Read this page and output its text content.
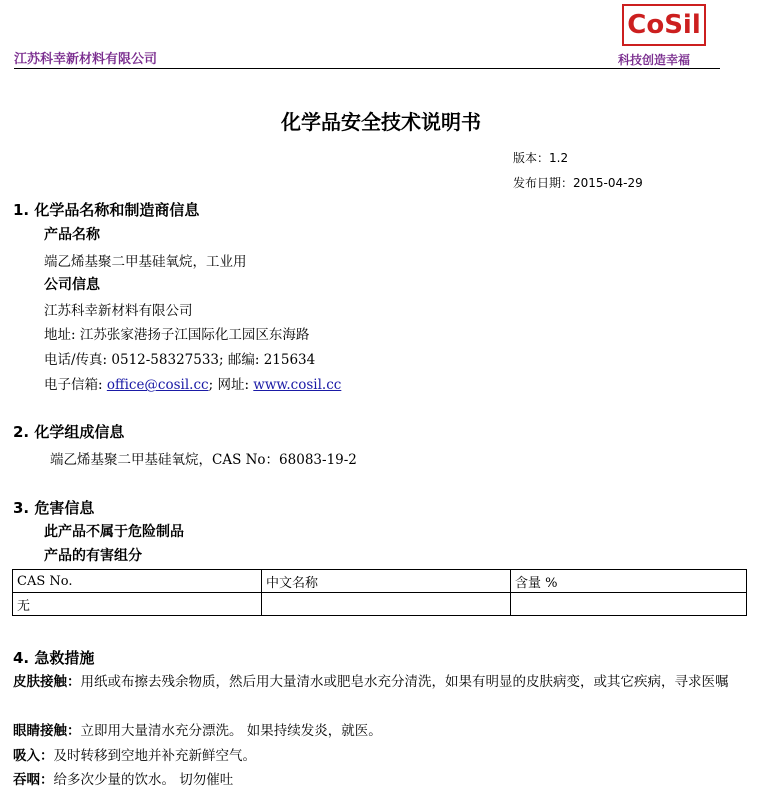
江苏科幸新材料有限公司
CoSil
科技创造幸福
化学品安全技术说明书
版本：1.2
发布日期：2015-04-29
1. 化学品名称和制造商信息
产品名称
端乙烯基聚二甲基硅氧烷，工业用
公司信息
江苏科幸新材料有限公司
地址: 江苏张家港扬子江国际化工园区东海路
电话/传真: 0512-58327533; 邮编: 215634
电子信箱: office@cosil.cc; 网址: www.cosil.cc
2. 化学组成信息
端乙烯基聚二甲基硅氧烷，CAS No：68083-19-2
3. 危害信息
此产品不属于危险制品
产品的有害组分
CAS No.	中文名称	含量 %
无		
4. 急救措施
皮肤接触：用纸或布擦去残余物质，然后用大量清水或肥皂水充分清洗，如果有明显的皮肤病变，或其它疾病，寻求医嘱
眼睛接触：立即用大量清水充分漂洗。 如果持续发炎，就医。
吸入：及时转移到空地并补充新鲜空气。
吞咽：给多次少量的饮水。 切勿催吐
